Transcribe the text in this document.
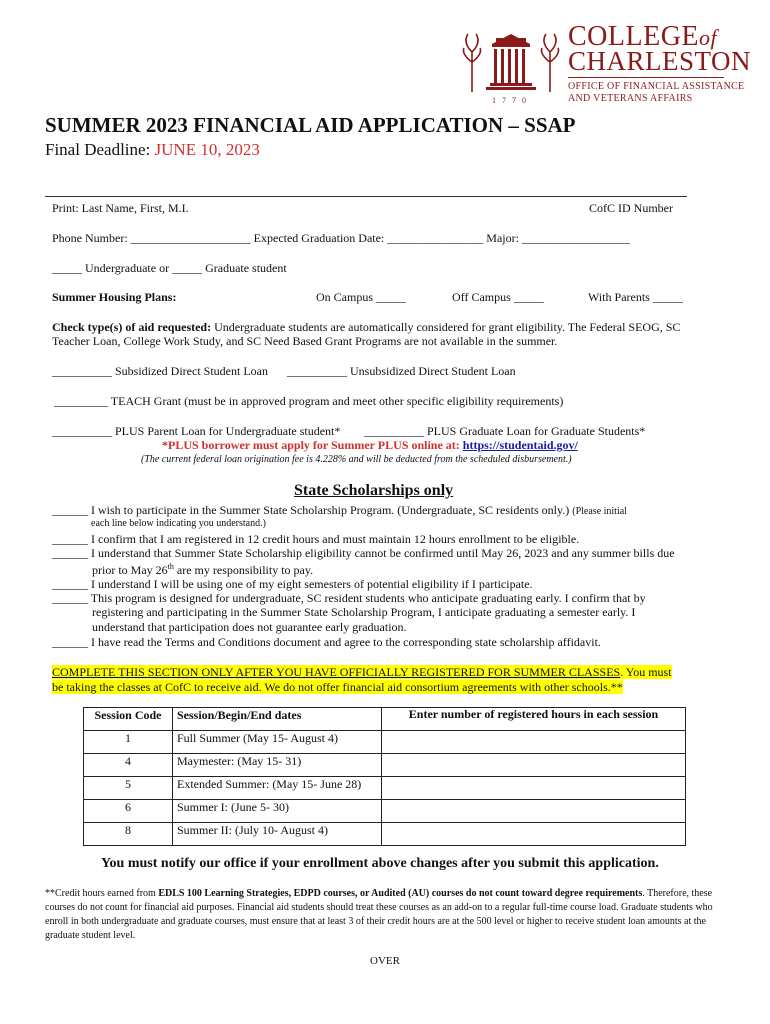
COLLEGEof
CHARLESTON
OFFICE OF FINANCIAL ASSISTANCE
AND VETERANS AFFAIRS
1770
SUMMER 2023 FINANCIAL AID APPLICATION – SSAP
Final Deadline: JUNE 10, 2023
Print: Last Name, First, M.I.	CofC ID Number
Phone Number: ____________________ Expected Graduation Date: ________________ Major: __________________
_____ Undergraduate or _____ Graduate student
Summer Housing Plans:	On Campus _____	Off Campus _____	With Parents _____
Check type(s) of aid requested: Undergraduate students are automatically considered for grant eligibility. The Federal SEOG, SC
Teacher Loan, College Work Study, and SC Need Based Grant Programs are not available in the summer.
__________ Subsidized Direct Student Loan __________ Unsubsidized Direct Student Loan
_________ TEACH Grant (must be in approved program and meet other specific eligibility requirements)
__________ PLUS Parent Loan for Undergraduate student* __________ PLUS Graduate Loan for Graduate Students*
*PLUS borrower must apply for Summer PLUS online at: https://studentaid.gov/
(The current federal loan origination fee is 4.228% and will be deducted from the scheduled disbursement.)
State Scholarships only
______ I wish to participate in the Summer State Scholarship Program. (Undergraduate, SC residents only.) (Please initial
each line below indicating you understand.)
______ I confirm that I am registered in 12 credit hours and must maintain 12 hours enrollment to be eligible.
______ I understand that Summer State Scholarship eligibility cannot be confirmed until May 26, 2023 and any summer bills due
prior to May 26th are my responsibility to pay.
______ I understand I will be using one of my eight semesters of potential eligibility if I participate.
______ This program is designed for undergraduate, SC resident students who anticipate graduating early. I confirm that by
registering and participating in the Summer State Scholarship Program, I anticipate graduating a semester early. I
understand that participation does not guarantee early graduation.
______ I have read the Terms and Conditions document and agree to the corresponding state scholarship affidavit.
COMPLETE THIS SECTION ONLY AFTER YOU HAVE OFFICIALLY REGISTERED FOR SUMMER CLASSES. You must
be taking the classes at CofC to receive aid. We do not offer financial aid consortium agreements with other schools.**
Session Code	Session/Begin/End dates	Enter number of registered hours in each session
1	Full Summer (May 15- August 4)	
4	Maymester: (May 15- 31)	
5	Extended Summer: (May 15- June 28)	
6	Summer I: (June 5- 30)	
8	Summer II: (July 10- August 4)	
You must notify our office if your enrollment above changes after you submit this application.
**Credit hours earned from EDLS 100 Learning Strategies, EDPD courses, or Audited (AU) courses do not count toward degree requirements. Therefore, these courses do not count for financial aid purposes. Financial aid students should treat these courses as an add-on to a regular full-time course load. Graduate students who enroll in both undergraduate and graduate courses, must ensure that at least 3 of their credit hours are at the 500 level or higher to receive student loan amounts at the graduate student level.
OVER
